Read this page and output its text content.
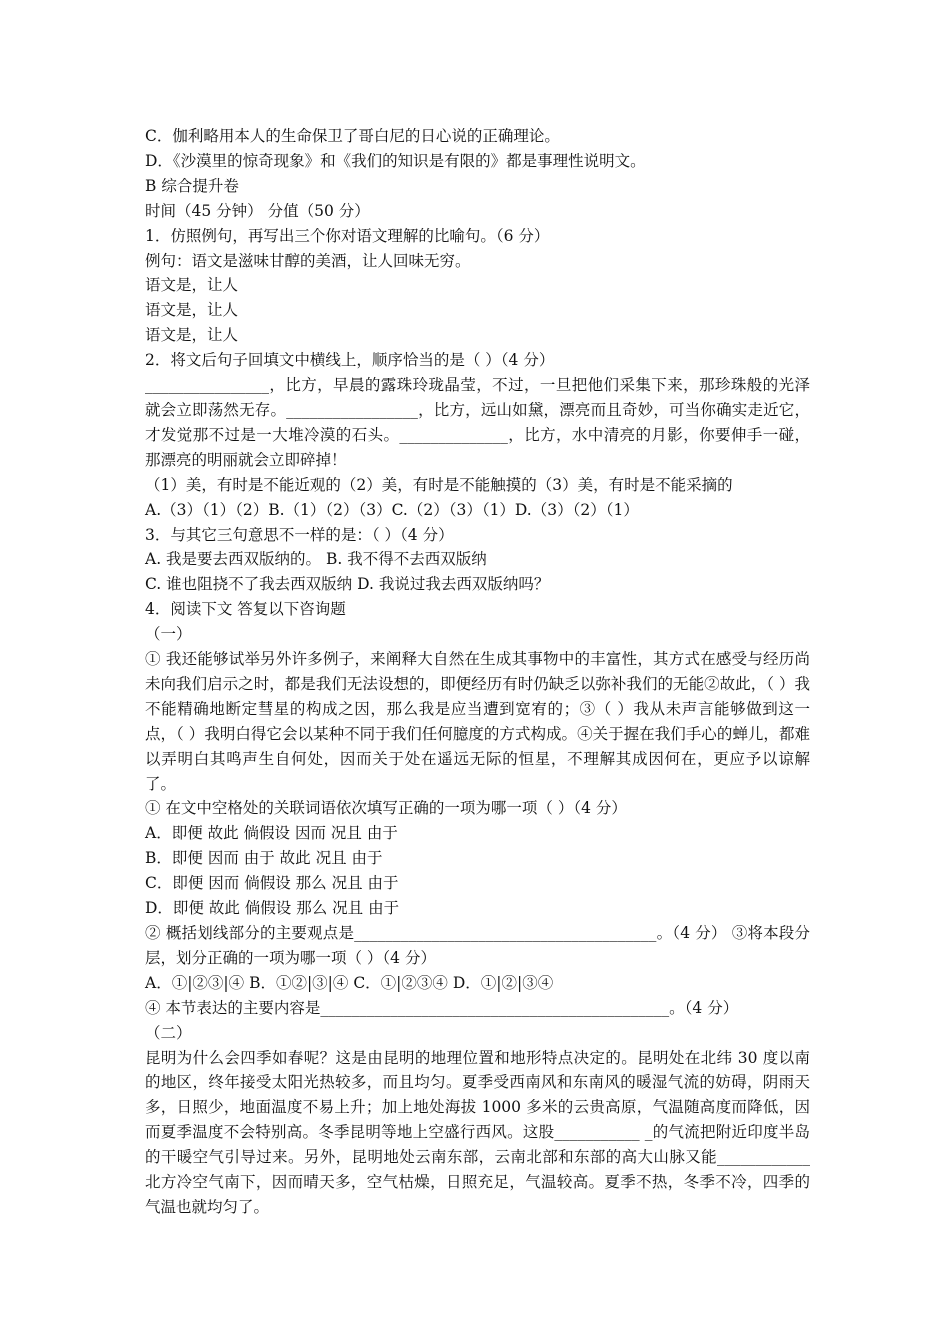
C．伽利略用本人的生命保卫了哥白尼的日心说的正确理论。
D．《沙漠里的惊奇现象》和《我们的知识是有限的》都是事理性说明文。
B 综合提升卷
时间（45 分钟） 分值（50 分）
1．仿照例句，再写出三个你对语文理解的比喻句。（6 分）
例句：语文是滋味甘醇的美酒，让人回味无穷。
语文是，让人
语文是，让人
语文是，让人
2．将文后句子回填文中横线上，顺序恰当的是（ ）（4 分）
________________，比方，早晨的露珠玲珑晶莹，不过，一旦把他们采集下来，那珍珠般的光泽就会立即荡然无存。_________________，比方，远山如黛，漂亮而且奇妙，可当你确实走近它，才发觉那不过是一大堆冷漠的石头。______________，比方，水中清亮的月影，你要伸手一碰，那漂亮的明丽就会立即碎掉！
（1）美，有时是不能近观的（2）美，有时是不能触摸的（3）美，有时是不能采摘的
A.（3）（1）（2）B.（1）（2）（3）C.（2）（3）（1）D.（3）（2）（1）
3．与其它三句意思不一样的是：（ ）（4 分）
A. 我是要去西双版纳的。 B. 我不得不去西双版纳
C. 谁也阻挠不了我去西双版纳 D. 我说过我去西双版纳吗？
4．阅读下文 答复以下咨询题
（一）
① 我还能够试举另外许多例子，来阐释大自然在生成其事物中的丰富性，其方式在感受与经历尚未向我们启示之时，都是我们无法设想的，即便经历有时仍缺乏以弥补我们的无能②故此，（ ）我不能精确地断定彗星的构成之因，那么我是应当遭到宽宥的；③（ ）我从未声言能够做到这一点，（ ）我明白得它会以某种不同于我们任何臆度的方式构成。④关于握在我们手心的蝉儿，都难以弄明白其鸣声生自何处，因而关于处在遥远无际的恒星，不理解其成因何在，更应予以谅解了。
① 在文中空格处的关联词语依次填写正确的一项为哪一项（ ）（4 分）
A．即便 故此 倘假设 因而 况且 由于
B．即便 因而 由于 故此 况且 由于
C．即便 因而 倘假设 那么 况且 由于
D．即便 故此 倘假设 那么 况且 由于
② 概括划线部分的主要观点是_______________________________________。（4 分） ③将本段分层，划分正确的一项为哪一项（ ）（4 分）
A．①|②③|④ B．①②|③|④ C．①|②③④ D．①|②|③④
④ 本节表达的主要内容是_____________________________________________。（4 分）
（二）
昆明为什么会四季如春呢？这是由昆明的地理位置和地形特点决定的。昆明处在北纬 30 度以南的地区，终年接受太阳光热较多，而且均匀。夏季受西南风和东南风的暖湿气流的妨碍，阴雨天多，日照少，地面温度不易上升；加上地处海拔 1000 多米的云贵高原，气温随高度而降低，因而夏季温度不会特别高。冬季昆明等地上空盛行西风。这股___________ _的气流把附近印度半岛的干暖空气引导过来。另外，昆明地处云南东部，云南北部和东部的高大山脉又能____________北方冷空气南下，因而晴天多，空气枯燥，日照充足，气温较高。夏季不热，冬季不冷，四季的气温也就均匀了。
